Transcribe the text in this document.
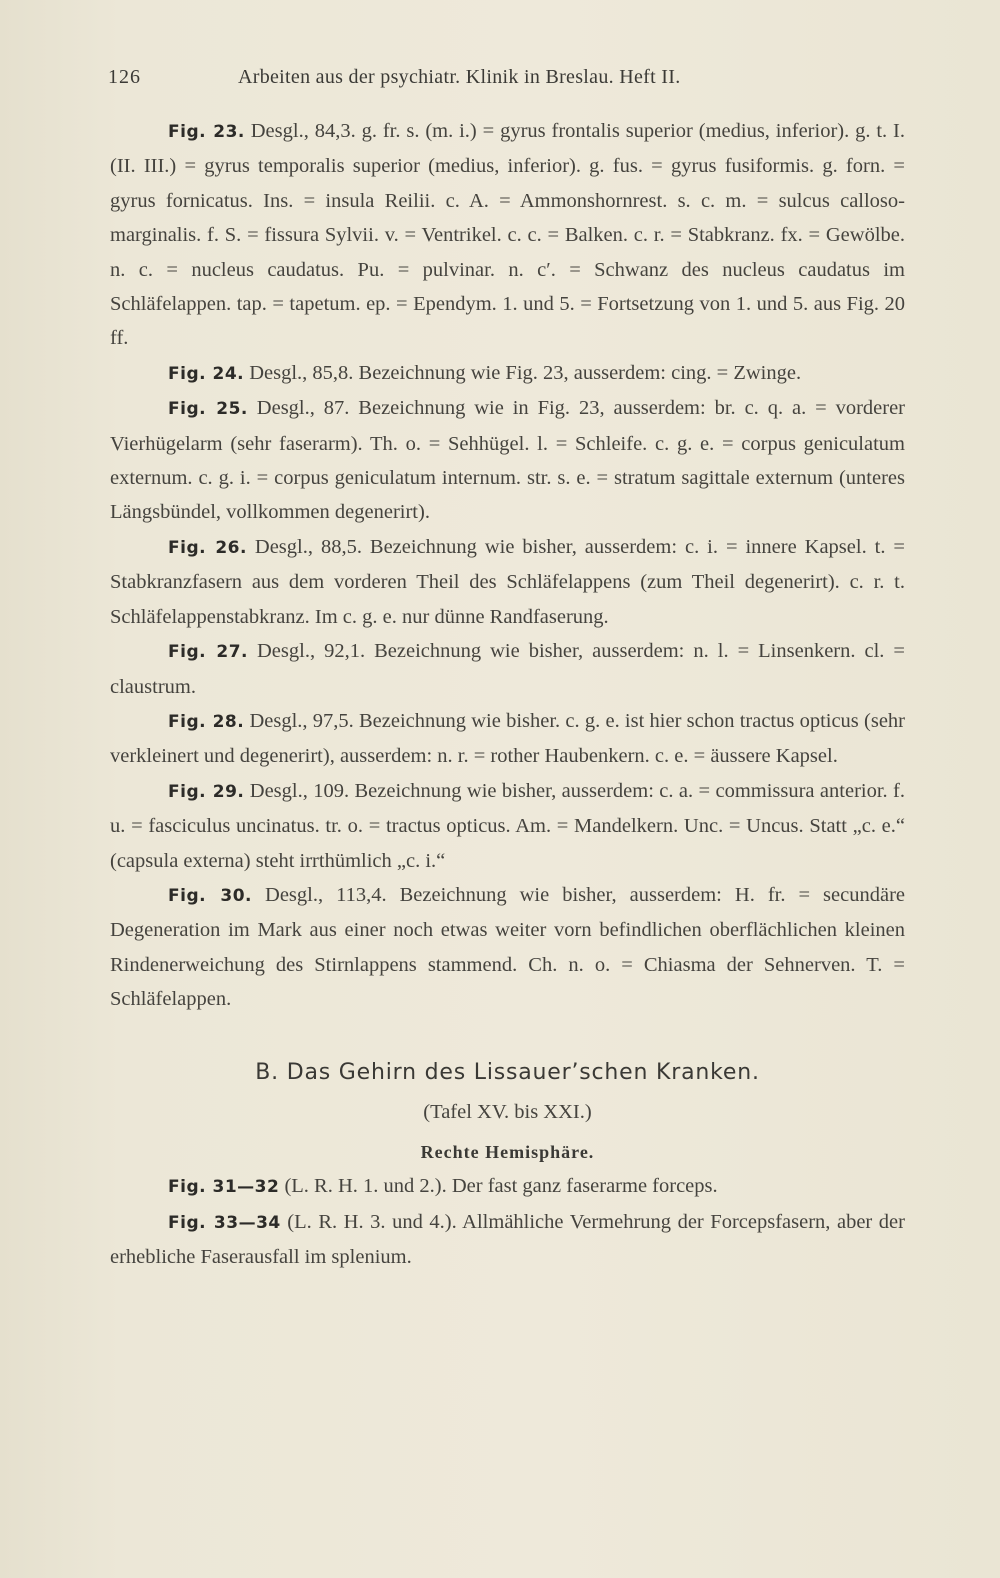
126	Arbeiten aus der psychiatr. Klinik in Breslau. Heft II.

Fig. 23. Desgl., 84,3. g. fr. s. (m. i.) = gyrus frontalis superior (medius, inferior). g. t. I. (II. III.) = gyrus temporalis superior (medius, inferior). g. fus. = gyrus fusiformis. g. forn. = gyrus fornicatus. Ins. = insula Reilii. c. A. = Ammonshornrest. s. c. m. = sulcus calloso-marginalis. f. S. = fissura Sylvii. v. = Ventrikel. c. c. = Balken. c. r. = Stabkranz. fx. = Gewölbe. n. c. = nucleus caudatus. Pu. = pulvinar. n. c′. = Schwanz des nucleus caudatus im Schläfelappen. tap. = tapetum. ep. = Ependym. 1. und 5. = Fortsetzung von 1. und 5. aus Fig. 20 ff.

Fig. 24. Desgl., 85,8. Bezeichnung wie Fig. 23, ausserdem: cing. = Zwinge.

Fig. 25. Desgl., 87. Bezeichnung wie in Fig. 23, ausserdem: br. c. q. a. = vorderer Vierhügelarm (sehr faserarm). Th. o. = Sehhügel. l. = Schleife. c. g. e. = corpus geniculatum externum. c. g. i. = corpus geniculatum internum. str. s. e. = stratum sagittale externum (unteres Längsbündel, vollkommen degenerirt).

Fig. 26. Desgl., 88,5. Bezeichnung wie bisher, ausserdem: c. i. = innere Kapsel. t. = Stabkranzfasern aus dem vorderen Theil des Schläfelappens (zum Theil degenerirt). c. r. t. Schläfelappenstabkranz. Im c. g. e. nur dünne Randfaserung.

Fig. 27. Desgl., 92,1. Bezeichnung wie bisher, ausserdem: n. l. = Linsenkern. cl. = claustrum.

Fig. 28. Desgl., 97,5. Bezeichnung wie bisher. c. g. e. ist hier schon tractus opticus (sehr verkleinert und degenerirt), ausserdem: n. r. = rother Haubenkern. c. e. = äussere Kapsel.

Fig. 29. Desgl., 109. Bezeichnung wie bisher, ausserdem: c. a. = commissura anterior. f. u. = fasciculus uncinatus. tr. o. = tractus opticus. Am. = Mandelkern. Unc. = Uncus. Statt „c. e.“ (capsula externa) steht irrthümlich „c. i.“

Fig. 30. Desgl., 113,4. Bezeichnung wie bisher, ausserdem: H. fr. = secundäre Degeneration im Mark aus einer noch etwas weiter vorn befindlichen oberflächlichen kleinen Rindenerweichung des Stirnlappens stammend. Ch. n. o. = Chiasma der Sehnerven. T. = Schläfelappen.

B. Das Gehirn des Lissauer’schen Kranken.
(Tafel XV. bis XXI.)
Rechte Hemisphäre.

Fig. 31—32 (L. R. H. 1. und 2.). Der fast ganz faserarme forceps.

Fig. 33—34 (L. R. H. 3. und 4.). Allmähliche Vermehrung der Forcepsfasern, aber der erhebliche Faserausfall im splenium.
